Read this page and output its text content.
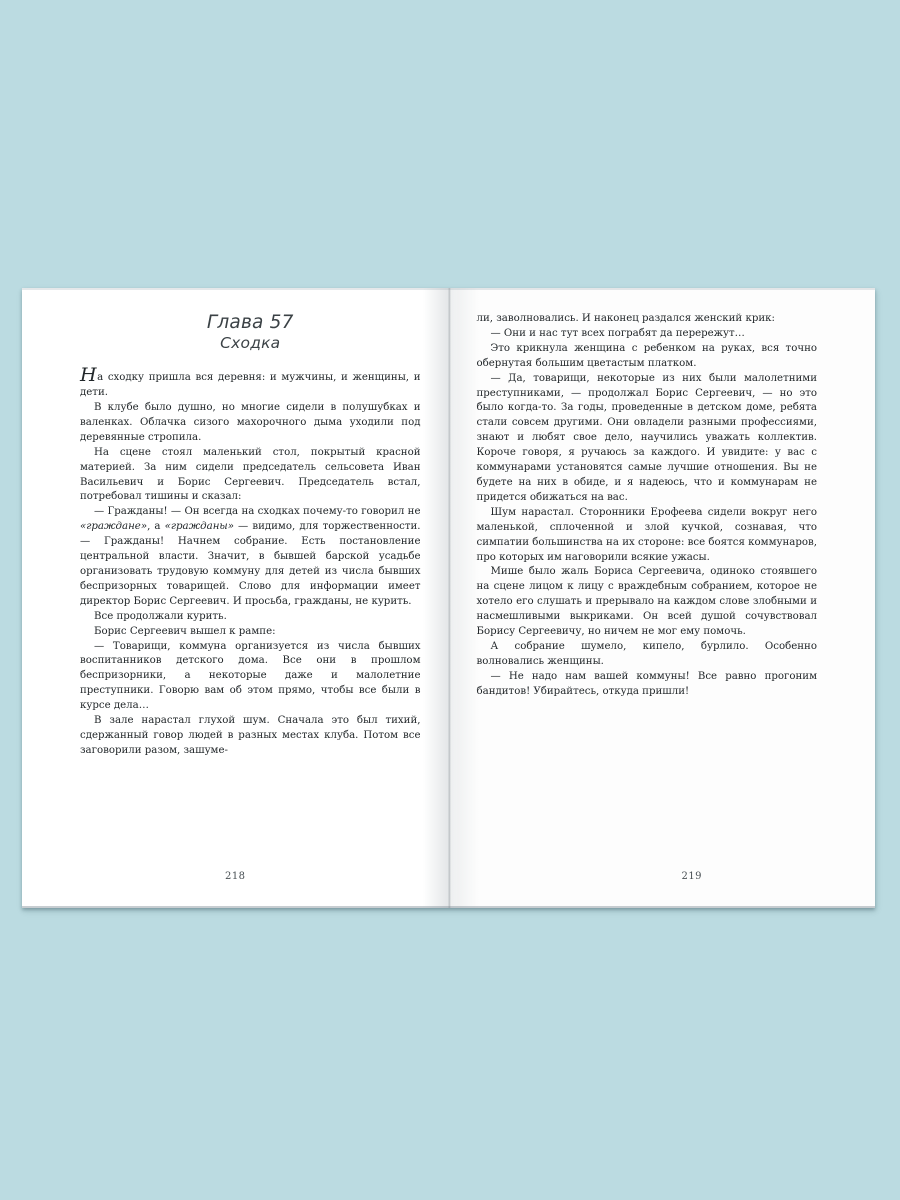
Глава 57
Сходка

На сходку пришла вся деревня: и мужчины, и женщины, и дети.

В клубе было душно, но многие сидели в полушубках и валенках. Облачка сизого махорочного дыма уходили под деревянные стропила.

На сцене стоял маленький стол, покрытый красной материей. За ним сидели председатель сельсовета Иван Васильевич и Борис Сергеевич. Председатель встал, потребовал тишины и сказал:

— Гражданы! — Он всегда на сходках почему-то говорил не «граждане», а «гражданы» — видимо, для торжественности. — Гражданы! Начнем собрание. Есть постановление центральной власти. Значит, в бывшей барской усадьбе организовать трудовую коммуну для детей из числа бывших беспризорных товарищей. Слово для информации имеет директор Борис Сергеевич. И просьба, гражданы, не курить.

Все продолжали курить.

Борис Сергеевич вышел к рампе:

— Товарищи, коммуна организуется из числа бывших воспитанников детского дома. Все они в прошлом беспризорники, а некоторые даже и малолетние преступники. Говорю вам об этом прямо, чтобы все были в курсе дела…

В зале нарастал глухой шум. Сначала это был тихий, сдержанный говор людей в разных местах клуба. Потом все заговорили разом, зашуме-

218

ли, заволновались. И наконец раздался женский крик:

— Они и нас тут всех пограбят да перережут…

Это крикнула женщина с ребенком на руках, вся точно обернутая большим цветастым платком.

— Да, товарищи, некоторые из них были малолетними преступниками, — продолжал Борис Сергеевич, — но это было когда-то. За годы, проведенные в детском доме, ребята стали совсем другими. Они овладели разными профессиями, знают и любят свое дело, научились уважать коллектив. Короче говоря, я ручаюсь за каждого. И увидите: у вас с коммунарами установятся самые лучшие отношения. Вы не будете на них в обиде, и я надеюсь, что и коммунарам не придется обижаться на вас.

Шум нарастал. Сторонники Ерофеева сидели вокруг него маленькой, сплоченной и злой кучкой, сознавая, что симпатии большинства на их стороне: все боятся коммунаров, про которых им наговорили всякие ужасы.

Мише было жаль Бориса Сергеевича, одиноко стоявшего на сцене лицом к лицу с враждебным собранием, которое не хотело его слушать и прерывало на каждом слове злобными и насмешливыми выкриками. Он всей душой сочувствовал Борису Сергеевичу, но ничем не мог ему помочь.

А собрание шумело, кипело, бурлило. Особенно волновались женщины.

— Не надо нам вашей коммуны! Все равно прогоним бандитов! Убирайтесь, откуда пришли!

219
